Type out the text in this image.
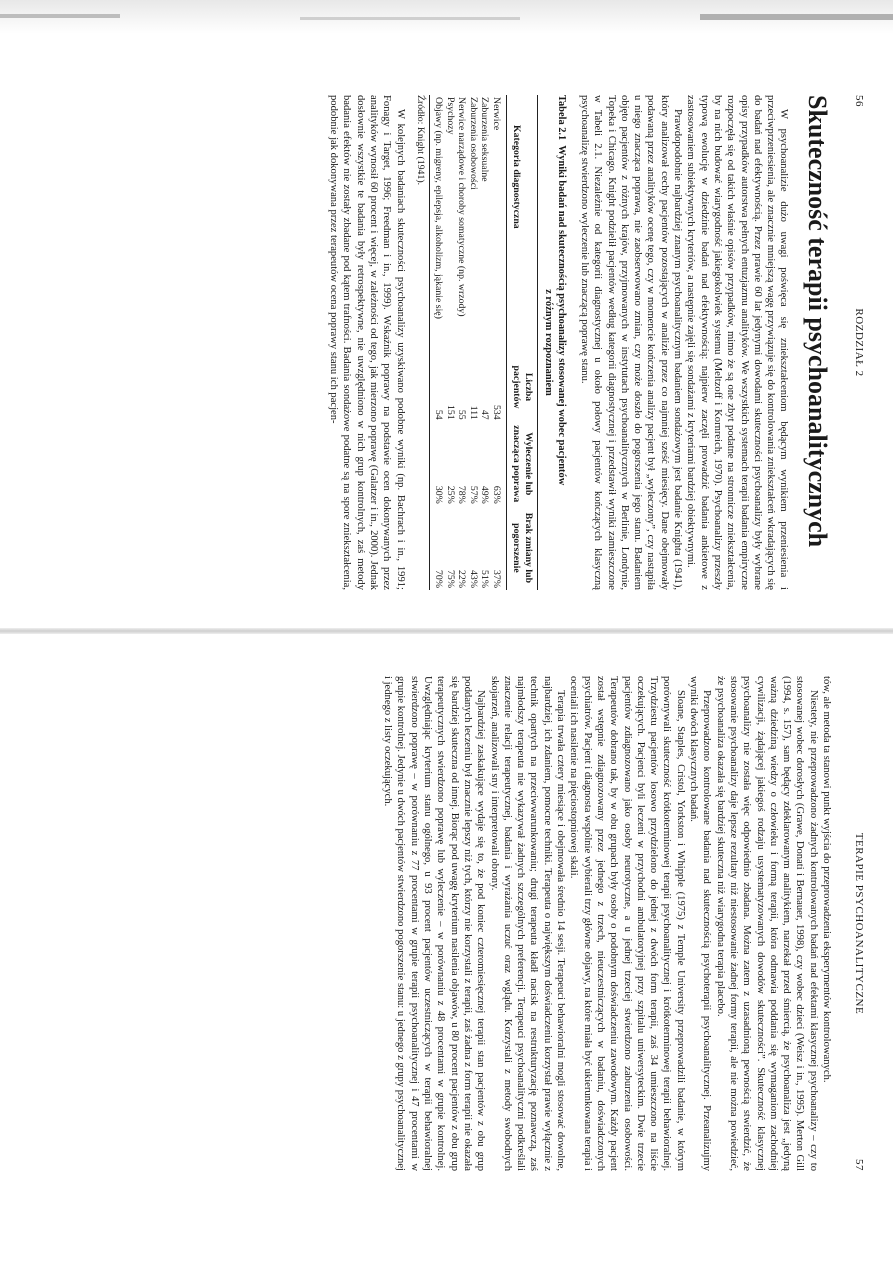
56
ROZDZIAŁ 2
Skuteczność terapii psychoanalitycznych

W psychoanalizie dużo uwagi poświęca się zniekształceniom będącym wynikiem przeniesienia i przeciwprzeniesienia, ale znacznie mniejszą wagę przywiązuje się do kontrolowania zniekształceń wkradających się do badań nad efektywnością. Przez prawie 60 lat jedynymi dowodami skuteczności psychoanalizy były wybrane opisy przypadków autorstwa pełnych entuzjazmu analityków. We wszystkich systemach terapii badania empiryczne rozpoczęła się od takich właśnie opisów przypadków, mimo że są one zbyt podatne na stronnicze zniekształcenia, by na nich budować wiarygodność jakiegokolwiek systemu (Meltzoff i Kornreich, 1970). Psychoanalizy przeszły typową ewolucję w dziedzinie badań nad efektywnością: najpierw zaczęli prowadzić badania ankietowe z zastosowaniem subiektywnych kryteriów, a następnie zajęli się sondażami z kryteriami bardziej obiektywnymi.

Prawdopodobnie najbardziej znanym psychoanalitycznym badaniem sondażowym jest badanie Knighta (1941), który analizował cechy pacjentów pozostających w analizie przez co najmniej sześć miesięcy. Dane obejmowały podawaną przez analityków ocenę tego, czy w momencie kończenia analizy pacjent był „wyleczony”, czy nastąpiła u niego znacząca poprawa, nie zaobserwowano zmian, czy może doszło do pogorszenia jego stanu. Badaniem objęto pacjentów z różnych krajów, przyjmowanych w instytutach psychoanalitycznych w Berlinie, Londynie, Topeka i Chicago. Knight podzielił pacjentów według kategorii diagnostycznej i przedstawił wyniki zamieszczone w Tabeli 2.1. Niezależnie od kategorii diagnostycznej u około połowy pacjentów kończących klasyczną psychoanalizę stwierdzono wyleczenie lub znaczącą poprawę stanu.

Tabela 2.1  Wyniki badań nad skutecznością psychoanalizy stosowanej wobec pacjentów
z różnym rozpoznaniem
Kategoria diagnostyczna	Liczba pacjentów	Wyleczenie lub znacząca poprawa	Brak zmiany lub pogorszenie
Nerwice	534	63%	37%
Zaburzenia seksualne	47	49%	51%
Zaburzenia osobowości	111	57%	43%
Nerwice narządowe i choroby somatyczne (np. wrzody)	55	78%	22%
Psychozy	151	25%	75%
Objawy (np. migreny, epilepsja, alkoholizm, jąkanie się)	54	30%	70%
Źródło: Knight (1941).

W kolejnych badaniach skuteczności psychoanalizy uzyskiwano podobne wyniki (np. Bachrach i in., 1991; Fonagy i Target, 1996; Freedman i in., 1999). Wskaźnik poprawy na podstawie ocen dokonywanych przez analityków wynosił 60 procent i więcej, w zależności od tego, jak mierzono poprawę (Galatzer i in., 2000). Jednak dosłownie wszystkie te badania były retrospektywne, nie uwzględniono w nich grup kontrolnych, zaś metody badania efektów nie zostały zbadane pod kątem trafności. Badania sondażowe podatne są na spore zniekształcenia, podobnie jak dokonywana przez terapeutów ocena poprawy stanu ich pacjen-

TERAPIE PSYCHOANALITYCZNE
57

tów, ale metoda ta stanowi punkt wyjścia do przeprowadzenia eksperymentów kontrolowanych.

Niestety, nie przeprowadzono żadnych kontrolowanych badań nad efektami klasycznej psychoanalizy – czy to stosowanej wobec dorosłych (Grawe, Donati i Bernauer, 1998), czy wobec dzieci (Weisz i in., 1995). Merton Gill (1994, s. 157), sam będący zdeklarowanym analitykiem, narzekał przed śmiercią, że psychoanaliza jest „jedyną ważną dziedziną wiedzy o człowieku i formą terapii, która odmawia poddania się wymaganiom zachodniej cywilizacji, żądającej jakiegoś rodzaju usystematyzowanych dowodów skuteczności”. Skuteczność klasycznej psychoanalizy nie została więc odpowiednio zbadana. Można zatem z uzasadnioną pewnością stwierdzić, że stosowanie psychoanalizy daje lepsze rezultaty niż niestosowanie żadnej formy terapii, ale nie można powiedzieć, że psychoanaliza okazała się bardziej skuteczna niż wiarygodna terapia placebo.

Przeprowadzono kontrolowane badania nad skutecznością psychoterapii psychoanalitycznej. Przeanalizujmy wyniki dwóch klasycznych badań.

Sloane, Staples, Cristol, Yorkston i Whipple (1975) z Temple University przeprowadzili badanie, w którym porównywali skuteczność krótkoterminowej terapii psychoanalitycznej i krótkoterminowej terapii behawioralnej. Trzydziestu pacjentów losowo przydzielono do jednej z dwóch form terapii, zaś 34 umieszczono na liście oczekujących. Pacjenci byli leczeni w przychodni ambulatoryjnej przy szpitalu uniwersyteckim. Dwie trzecie pacjentów zdiagnozowano jako osoby neurotyczne, a u jednej trzeciej stwierdzono zaburzenia osobowości. Terapeutów dobrano tak, by w obu grupach były osoby o podobnym doświadczeniu zawodowym. Każdy pacjent został wstępnie zdiagnozowany przez jednego z trzech, nieuczestniczących w badaniu, doświadczonych psychiatrów. Pacjent i diagnosta wspólnie wybierali trzy główne objawy, na które miała być ukierunkowana terapia i oceniali ich nasilenie na pięciostopniowej skali.

Terapia trwała cztery miesiące i obejmowała średnio 14 sesji. Terapeuci behawioralni mogli stosować dowolne, najbardziej, ich zdaniem, pomocne techniki. Terapeuta o największym doświadczeniu korzystał prawie wyłącznie z technik opartych na przeciwwarunkowaniu; drugi terapeuta kładł nacisk na restrukturyzację poznawczą, zaś najmłodszy terapeuta nie wykazywał żadnych szczególnych preferencji. Terapeuci psychoanalityczni podkreślali znaczenie relacji terapeutycznej, badania i wyrażania uczuć oraz wglądu. Korzystali z metody swobodnych skojarzeń, analizowali sny i interpretowali obrony.

Najbardziej zaskakujące wydaje się to, że pod koniec czteromiesięcznej terapii stan pacjentów z obu grup poddanych leczeniu był znacznie lepszy niż tych, którzy nie korzystali z terapii, zaś żadna z form terapii nie okazała się bardziej skuteczna od innej. Biorąc pod uwagę kryterium nasilenia objawów, u 80 procent pacjentów z obu grup terapeutycznych stwierdzono poprawę lub wyleczenie – w porównaniu z 48 procentami w grupie kontrolnej. Uwzględniając kryterium stanu ogólnego, u 93 procent pacjentów uczestniczących w terapii behawioralnej stwierdzono poprawę – w porównaniu z 77 procentami w grupie terapii psychoanalitycznej i 47 procentami w grupie kontrolnej. Jedynie u dwóch pacjentów stwierdzono pogorszenie stanu: u jednego z grupy psychoanalitycznej i jednego z listy oczekujących.
